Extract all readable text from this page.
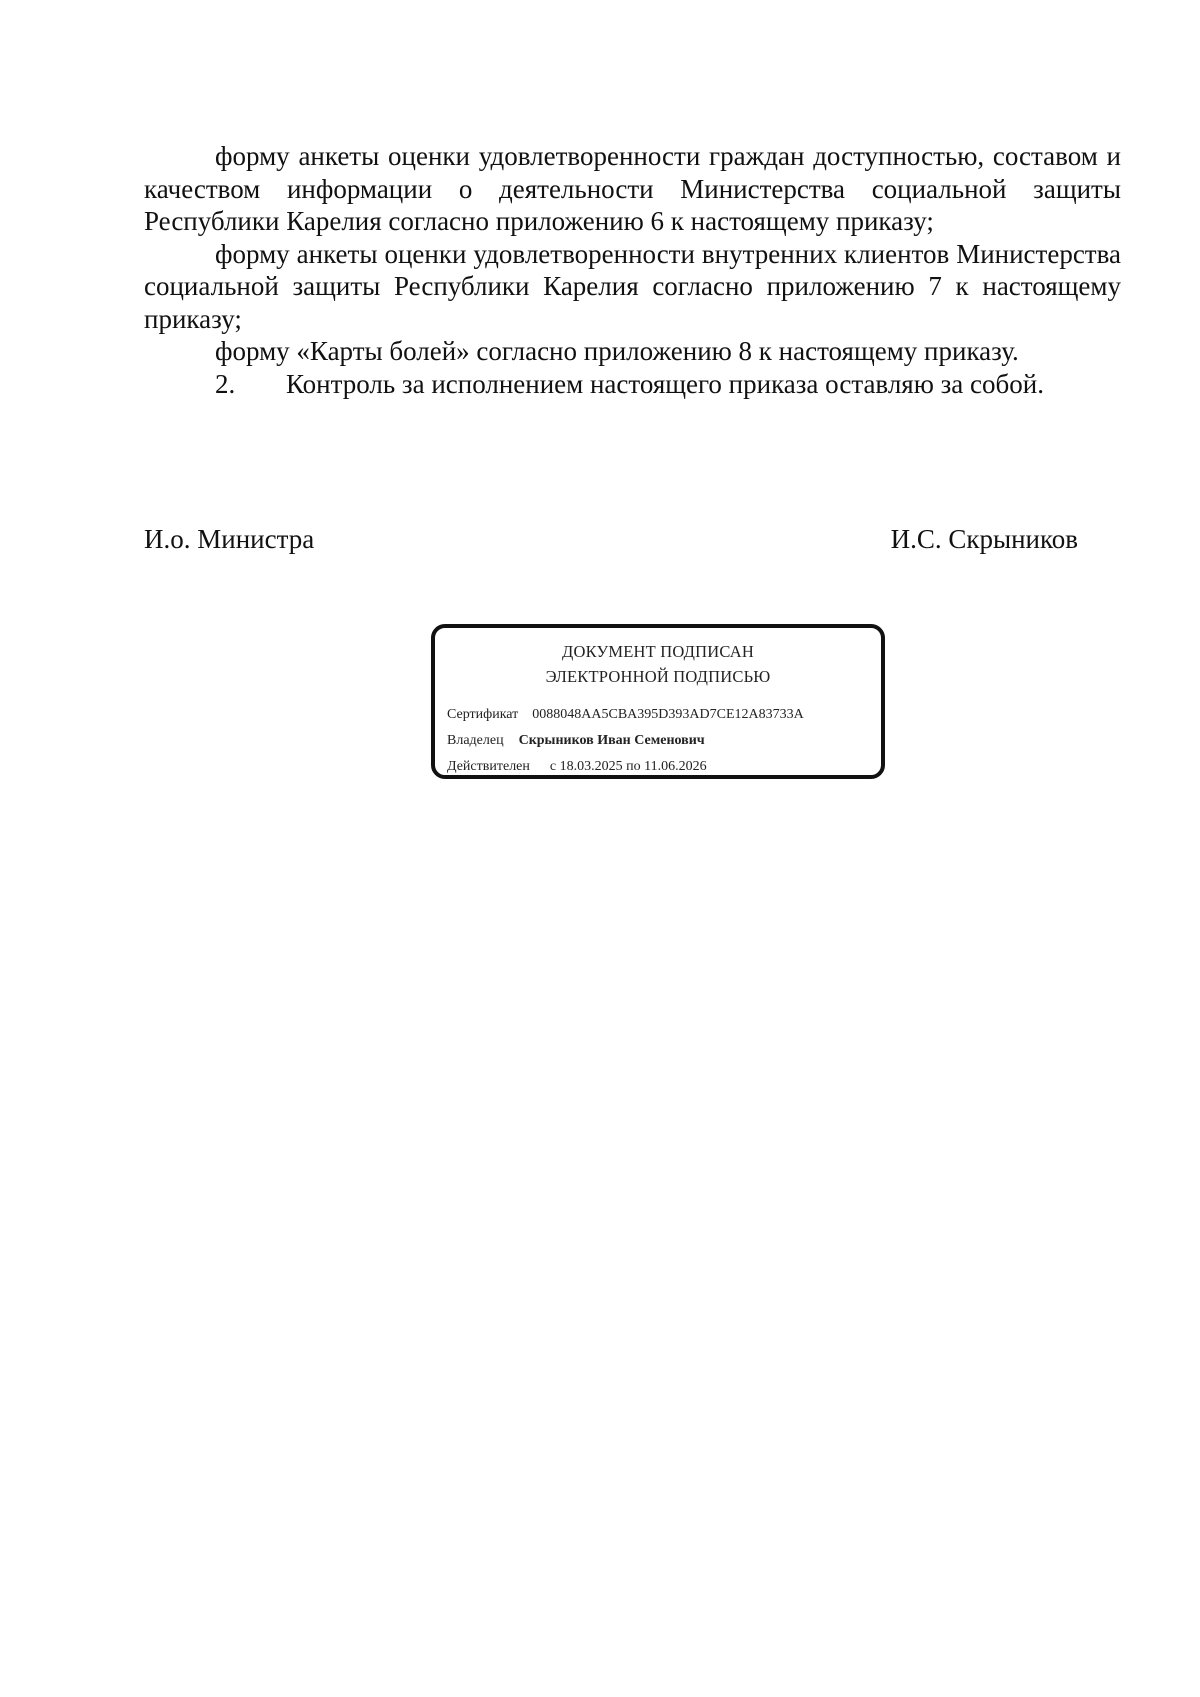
форму анкеты оценки удовлетворенности граждан доступностью, составом и качеством информации о деятельности Министерства социальной защиты Республики Карелия согласно приложению 6 к настоящему приказу;

форму анкеты оценки удовлетворенности внутренних клиентов Министерства социальной защиты Республики Карелия согласно приложению 7 к настоящему приказу;

форму «Карты болей» согласно приложению 8 к настоящему приказу.

2. Контроль за исполнением настоящего приказа оставляю за собой.

И.о. Министра	И.С. Скрыников
ДОКУМЕНТ ПОДПИСАН
ЭЛЕКТРОННОЙ ПОДПИСЬЮ
Сертификат 0088048AA5CBA395D393AD7CE12A83733A
Владелец Скрыников Иван Семенович
Действителен с 18.03.2025 по 11.06.2026
